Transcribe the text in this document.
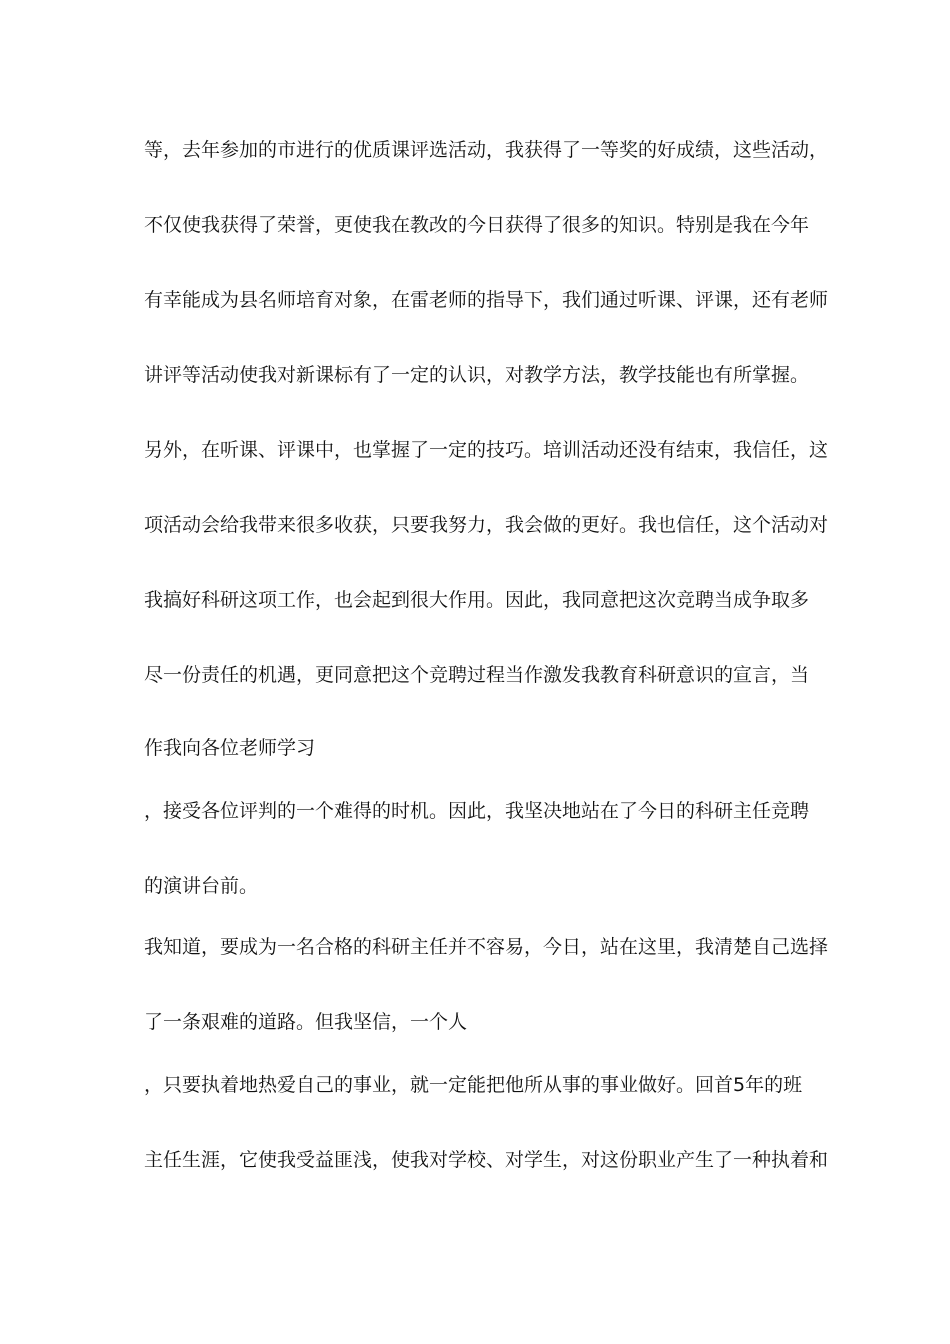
等，去年参加的市进行的优质课评选活动，我获得了一等奖的好成绩，这些活动，
不仅使我获得了荣誉，更使我在教改的今日获得了很多的知识。特别是我在今年
有幸能成为县名师培育对象，在雷老师的指导下，我们通过听课、评课，还有老师
讲评等活动使我对新课标有了一定的认识，对教学方法，教学技能也有所掌握。
另外，在听课、评课中，也掌握了一定的技巧。培训活动还没有结束，我信任，这
项活动会给我带来很多收获，只要我努力，我会做的更好。我也信任，这个活动对
我搞好科研这项工作，也会起到很大作用。因此，我同意把这次竞聘当成争取多
尽一份责任的机遇，更同意把这个竞聘过程当作激发我教育科研意识的宣言，当
作我向各位老师学习
，接受各位评判的一个难得的时机。因此，我坚决地站在了今日的科研主任竞聘
的演讲台前。
我知道，要成为一名合格的科研主任并不容易，今日，站在这里，我清楚自己选择
了一条艰难的道路。但我坚信，一个人
，只要执着地热爱自己的事业，就一定能把他所从事的事业做好。回首5年的班
主任生涯，它使我受益匪浅，使我对学校、对学生，对这份职业产生了一种执着和
